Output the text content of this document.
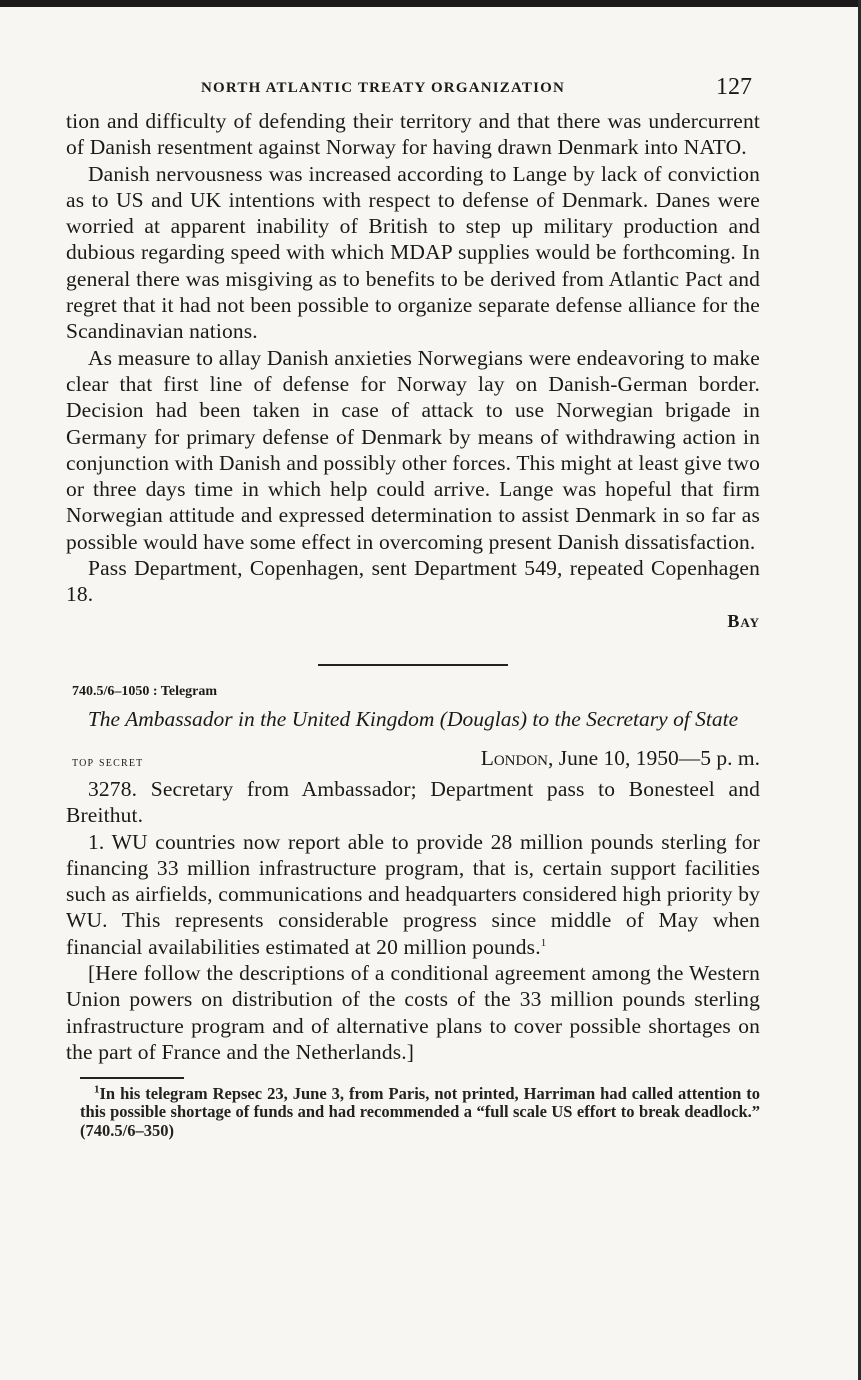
NORTH ATLANTIC TREATY ORGANIZATION	127

tion and difficulty of defending their territory and that there was undercurrent of Danish resentment against Norway for having drawn Denmark into NATO.

Danish nervousness was increased according to Lange by lack of conviction as to US and UK intentions with respect to defense of Denmark. Danes were worried at apparent inability of British to step up military production and dubious regarding speed with which MDAP supplies would be forthcoming. In general there was misgiving as to benefits to be derived from Atlantic Pact and regret that it had not been possible to organize separate defense alliance for the Scandinavian nations.

As measure to allay Danish anxieties Norwegians were endeavoring to make clear that first line of defense for Norway lay on Danish-German border. Decision had been taken in case of attack to use Norwegian brigade in Germany for primary defense of Denmark by means of withdrawing action in conjunction with Danish and possibly other forces. This might at least give two or three days time in which help could arrive. Lange was hopeful that firm Norwegian attitude and expressed determination to assist Denmark in so far as possible would have some effect in overcoming present Danish dissatisfaction.

Pass Department, Copenhagen, sent Department 549, repeated Copenhagen 18.

Bay
740.5/6–1050 : Telegram
The Ambassador in the United Kingdom (Douglas) to the Secretary of State
top secret	London, June 10, 1950—5 p. m.

3278. Secretary from Ambassador; Department pass to Bonesteel and Breithut.

1. WU countries now report able to provide 28 million pounds sterling for financing 33 million infrastructure program, that is, certain support facilities such as airfields, communications and headquarters considered high priority by WU. This represents considerable progress since middle of May when financial availabilities estimated at 20 million pounds.$^1$

[Here follow the descriptions of a conditional agreement among the Western Union powers on distribution of the costs of the 33 million pounds sterling infrastructure program and of alternative plans to cover possible shortages on the part of France and the Netherlands.]

$^1$In his telegram Repsec 23, June 3, from Paris, not printed, Harriman had called attention to this possible shortage of funds and had recommended a “full scale US effort to break deadlock.” (740.5/6–350)
